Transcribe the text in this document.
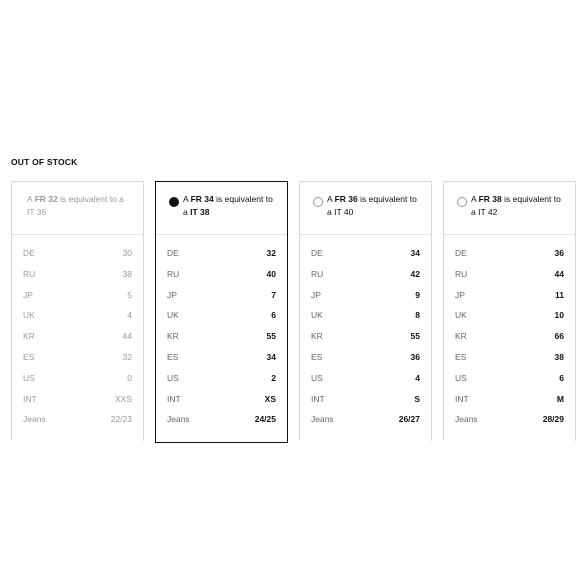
OUT OF STOCK
A FR 32 is equivalent to a IT 36
DE	30
RU	38
JP	5
UK	4
KR	44
ES	32
US	0
INT	XXS
Jeans	22/23
A FR 34 is equivalent to a IT 38
DE	32
RU	40
JP	7
UK	6
KR	55
ES	34
US	2
INT	XS
Jeans	24/25
A FR 36 is equivalent to a IT 40
DE	34
RU	42
JP	9
UK	8
KR	55
ES	36
US	4
INT	S
Jeans	26/27
A FR 38 is equivalent to a IT 42
DE	36
RU	44
JP	11
UK	10
KR	66
ES	38
US	6
INT	M
Jeans	28/29
